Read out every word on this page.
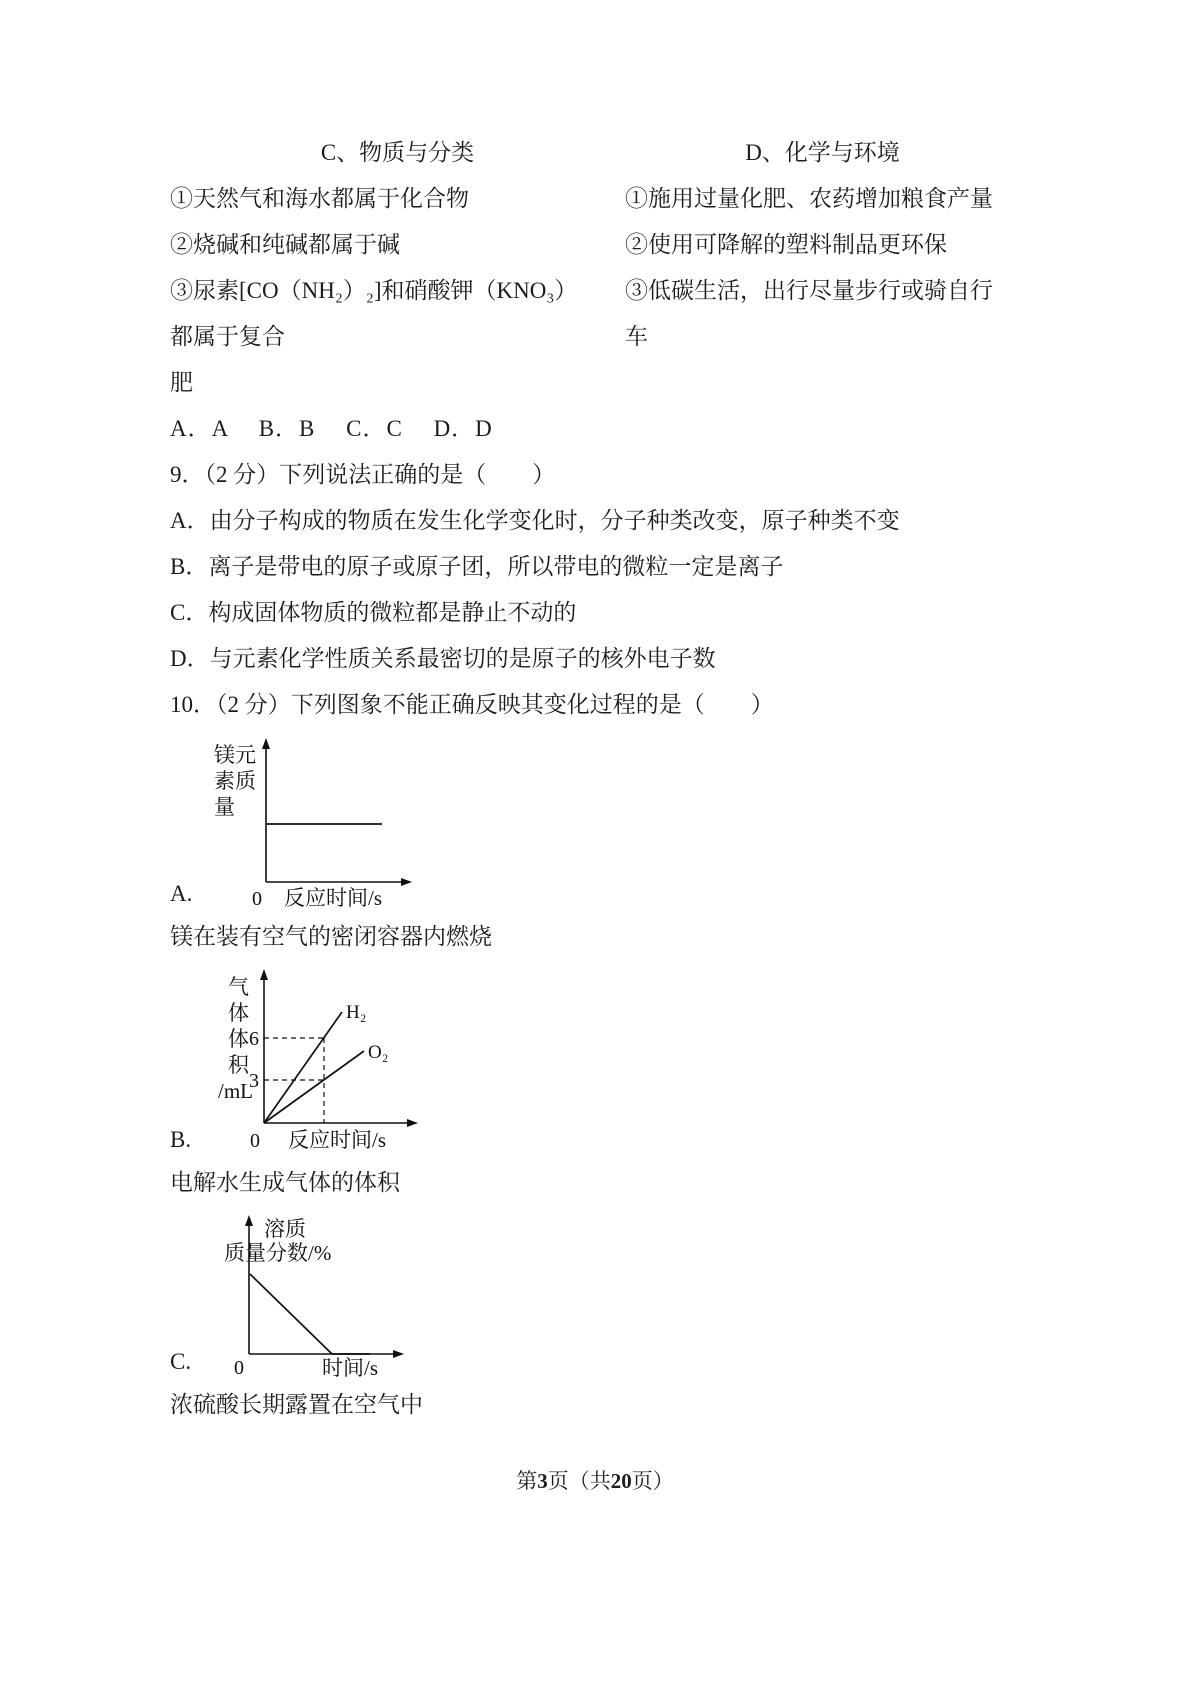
C、物质与分类
①天然气和海水都属于化合物
②烧碱和纯碱都属于碱
③尿素[CO（NH₂）₂]和硝酸钾（KNO₃）
都属于复合
肥
D、化学与环境
①施用过量化肥、农药增加粮食产量
②使用可降解的塑料制品更环保
③低碳生活，出行尽量步行或骑自行
车
A．A　 B．B　 C．C　 D．D
9．（2 分）下列说法正确的是（　　）
A．由分子构成的物质在发生化学变化时，分子种类改变，原子种类不变
B．离子是带电的原子或原子团，所以带电的微粒一定是离子
C．构成固体物质的微粒都是静止不动的
D．与元素化学性质关系最密切的是原子的核外电子数
10．（2 分）下列图象不能正确反映其变化过程的是（　　）
A.
镁元
素质
量
0 反应时间/s
镁在装有空气的密闭容器内燃烧
B.
气
体
体
积
/mL
6
3
H₂
O₂
0 反应时间/s
电解水生成气体的体积
C.
溶质
质量分数/%
0	时间/s
浓硫酸长期露置在空气中
第3页（共20页）
